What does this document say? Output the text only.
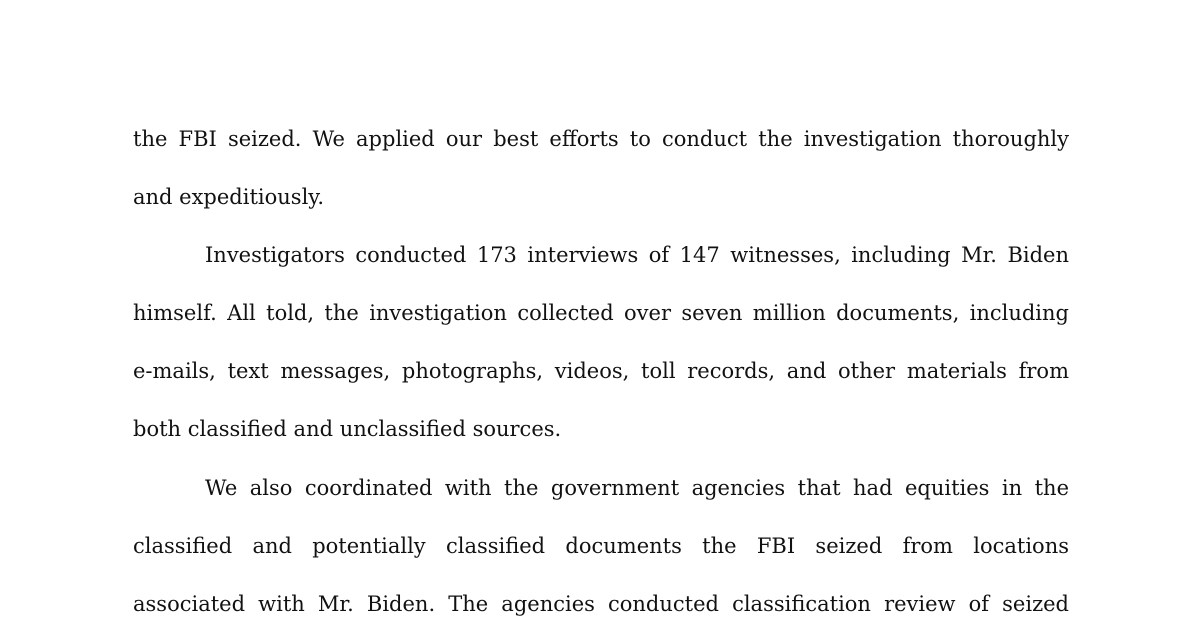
the FBI seized. We applied our best efforts to conduct the investigation thoroughly
and expeditiously.
Investigators conducted 173 interviews of 147 witnesses, including Mr. Biden
himself. All told, the investigation collected over seven million documents, including
e-mails, text messages, photographs, videos, toll records, and other materials from
both classified and unclassified sources.
We also coordinated with the government agencies that had equities in the
classified and potentially classified documents the FBI seized from locations
associated with Mr. Biden. The agencies conducted classification review of seized
